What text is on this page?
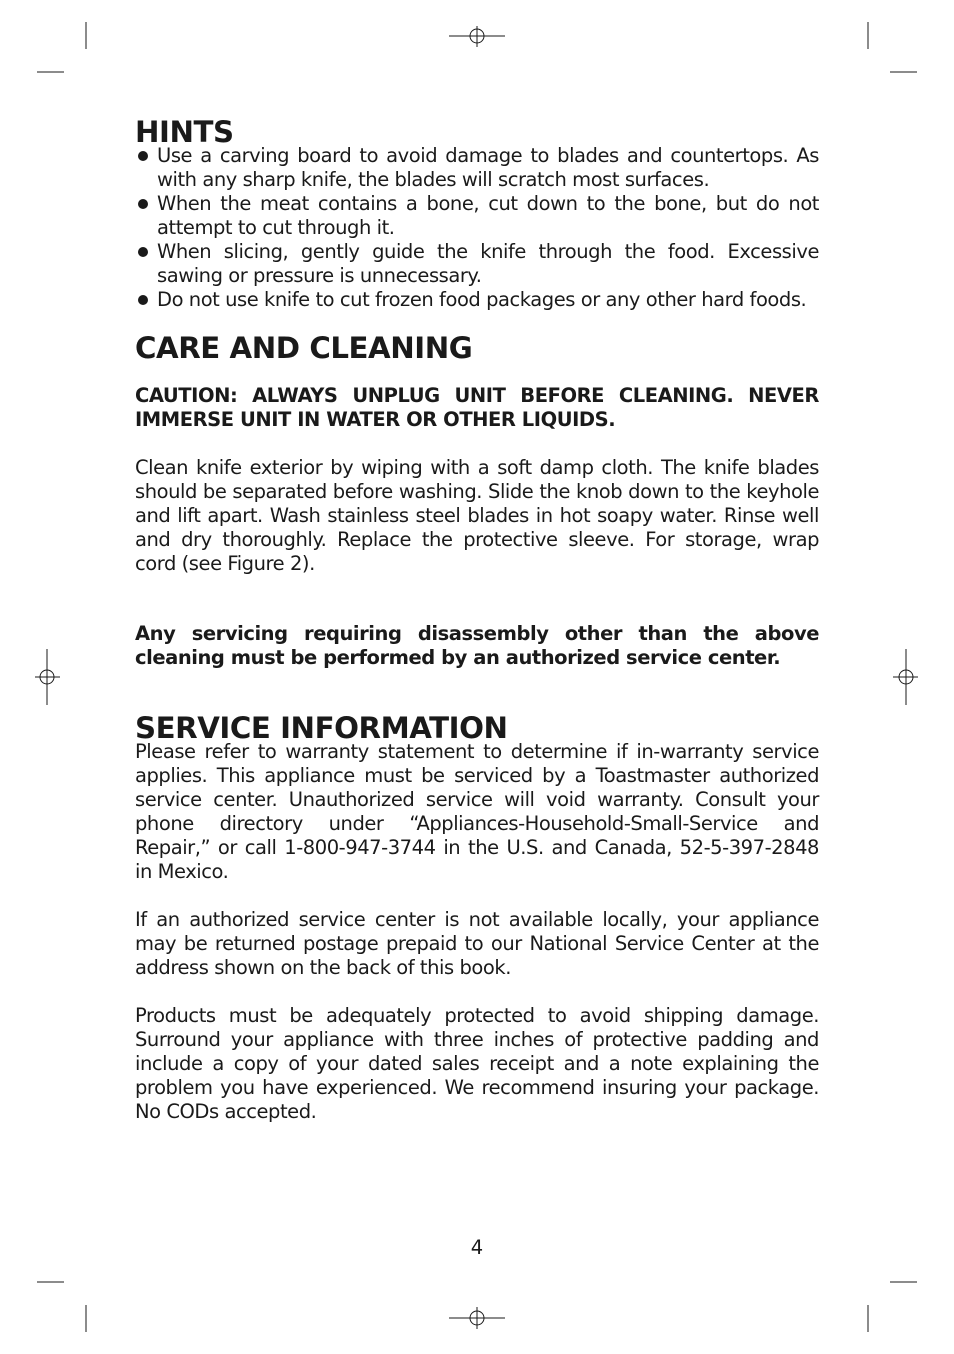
HINTS
Use a carving board to avoid damage to blades and countertops. As with any sharp knife, the blades will scratch most surfaces.
When the meat contains a bone, cut down to the bone, but do not attempt to cut through it.
When slicing, gently guide the knife through the food. Excessive sawing or pressure is unnecessary.
Do not use knife to cut frozen food packages or any other hard foods.
CARE AND CLEANING

CAUTION: ALWAYS UNPLUG UNIT BEFORE CLEANING. NEVER IMMERSE UNIT IN WATER OR OTHER LIQUIDS.

Clean knife exterior by wiping with a soft damp cloth. The knife blades should be separated before washing. Slide the knob down to the keyhole and lift apart. Wash stainless steel blades in hot soapy water. Rinse well and dry thoroughly. Replace the protective sleeve. For storage, wrap cord (see Figure 2).

Any servicing requiring disassembly other than the above cleaning must be performed by an authorized service center.

SERVICE INFORMATION

Please refer to warranty statement to determine if in-warranty service applies. This appliance must be serviced by a Toastmaster authorized service center. Unauthorized service will void warranty. Consult your phone directory under “Appliances-Household-Small-Service and Repair,” or call 1-800-947-3744 in the U.S. and Canada, 52-5-397-2848 in Mexico.

If an authorized service center is not available locally, your appliance may be returned postage prepaid to our National Service Center at the address shown on the back of this book.

Products must be adequately protected to avoid shipping damage. Surround your appliance with three inches of protective padding and include a copy of your dated sales receipt and a note explaining the problem you have experienced. We recommend insuring your package. No CODs accepted.

4
